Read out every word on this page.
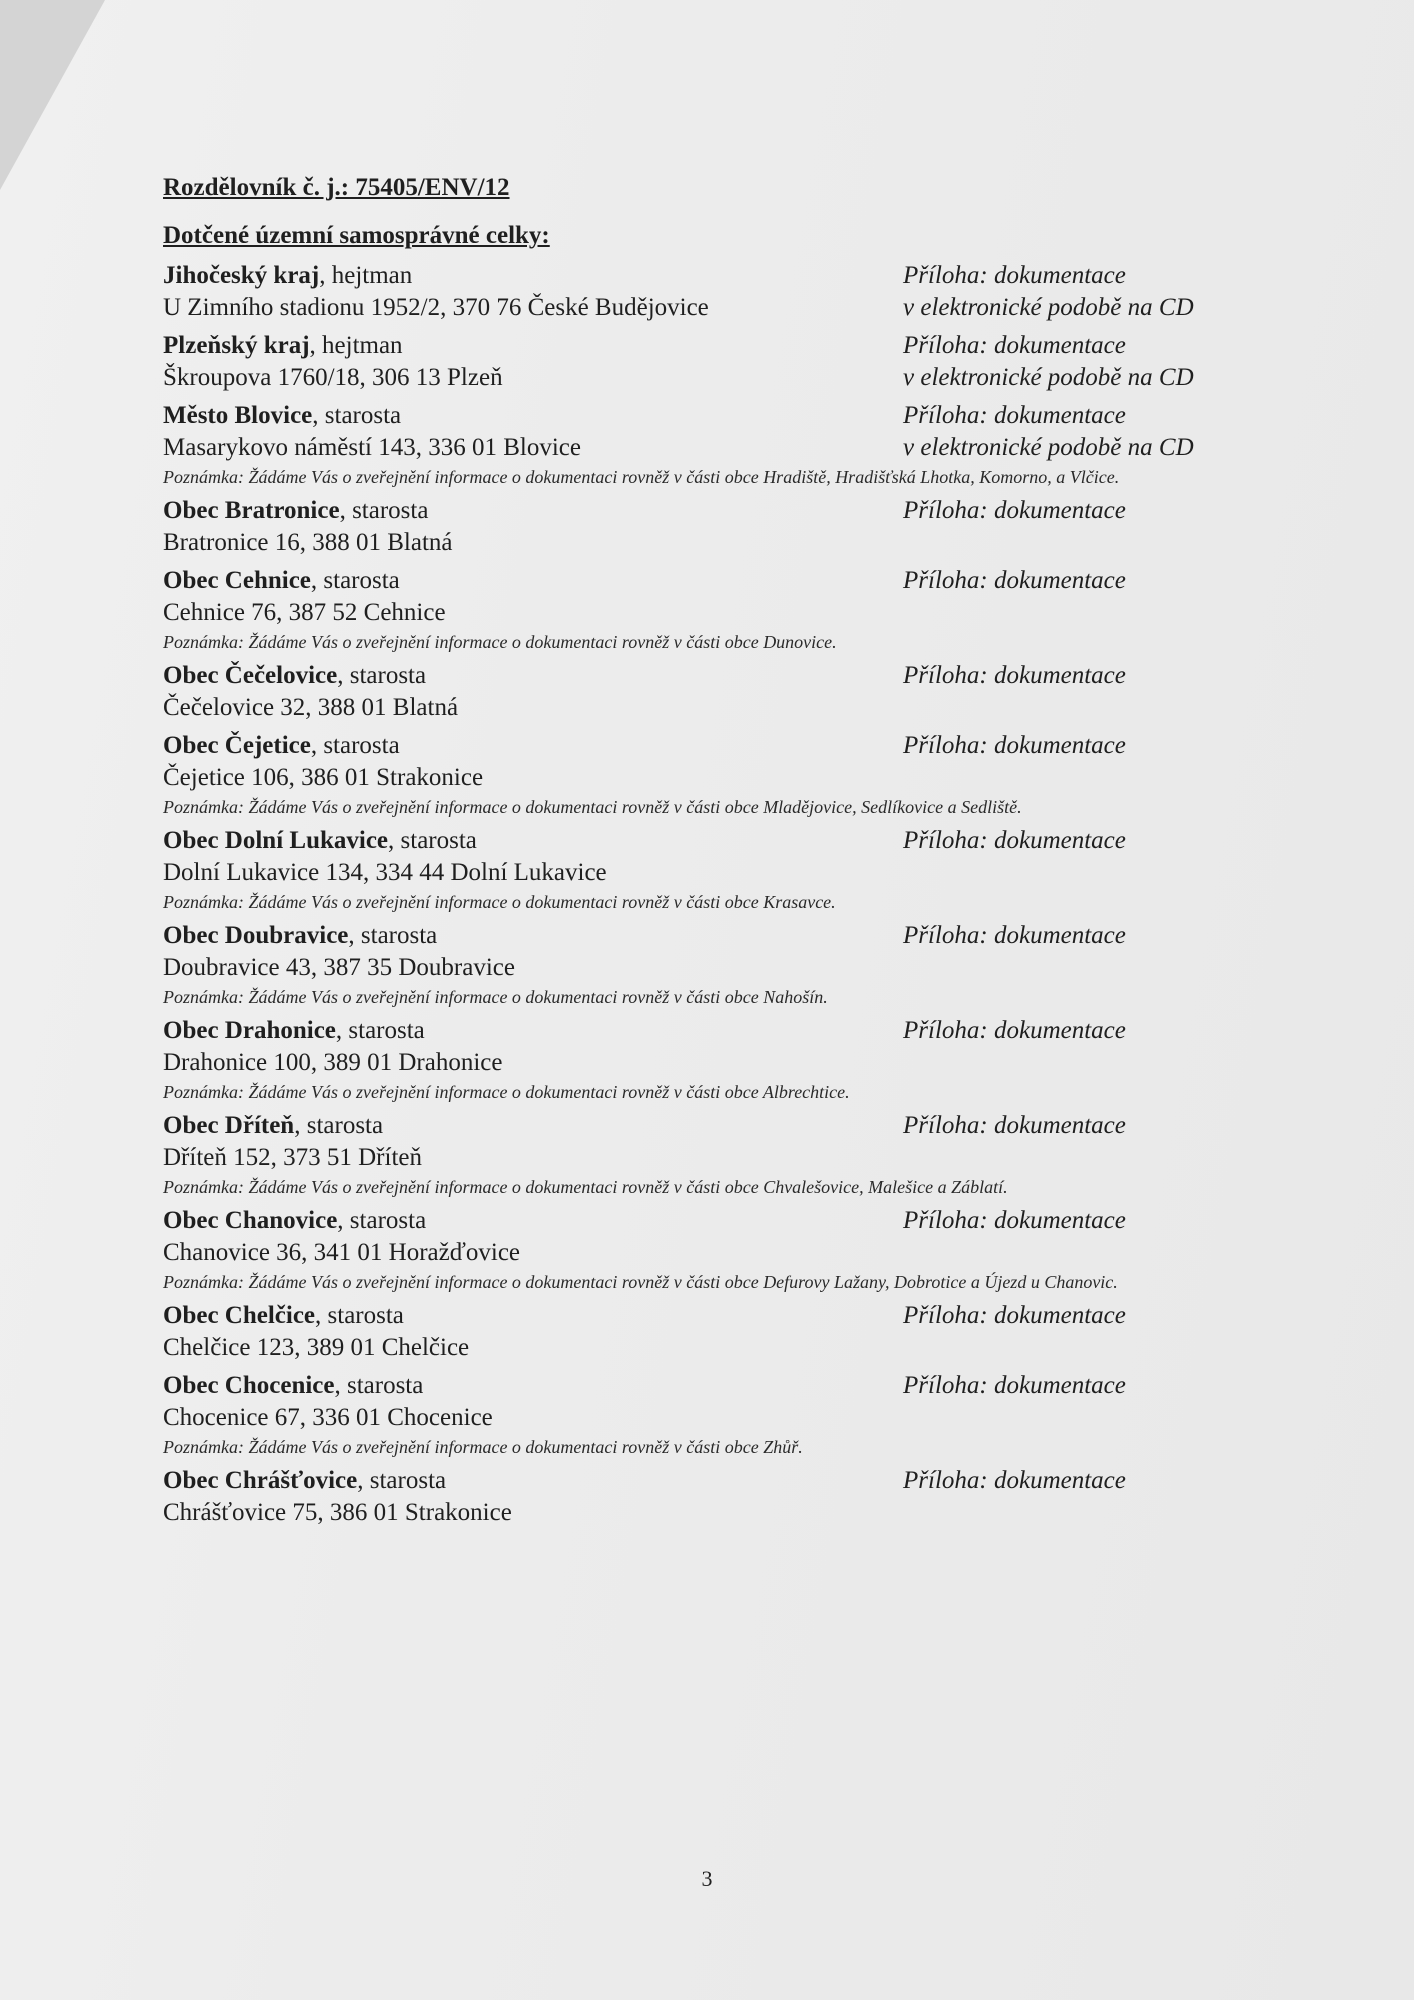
Rozdělovník č. j.: 75405/ENV/12
Dotčené územní samosprávné celky:
Jihočeský kraj, hejtman	Příloha: dokumentace
U Zimního stadionu 1952/2, 370 76 České Budějovice	v elektronické podobě na CD
Plzeňský kraj, hejtman	Příloha: dokumentace
Škroupova 1760/18, 306 13 Plzeň	v elektronické podobě na CD
Město Blovice, starosta	Příloha: dokumentace
Masarykovo náměstí 143, 336 01 Blovice	v elektronické podobě na CD
Poznámka: Žádáme Vás o zveřejnění informace o dokumentaci rovněž v části obce Hradiště, Hradišťská Lhotka, Komorno, a Vlčice.
Obec Bratronice, starosta	Příloha: dokumentace
Bratronice 16, 388 01 Blatná
Obec Cehnice, starosta	Příloha: dokumentace
Cehnice 76, 387 52 Cehnice
Poznámka: Žádáme Vás o zveřejnění informace o dokumentaci rovněž v části obce Dunovice.
Obec Čečelovice, starosta	Příloha: dokumentace
Čečelovice 32, 388 01 Blatná
Obec Čejetice, starosta	Příloha: dokumentace
Čejetice 106, 386 01 Strakonice
Poznámka: Žádáme Vás o zveřejnění informace o dokumentaci rovněž v části obce Mladějovice, Sedlíkovice a Sedliště.
Obec Dolní Lukavice, starosta	Příloha: dokumentace
Dolní Lukavice 134, 334 44 Dolní Lukavice
Poznámka: Žádáme Vás o zveřejnění informace o dokumentaci rovněž v části obce Krasavce.
Obec Doubravice, starosta	Příloha: dokumentace
Doubravice 43, 387 35 Doubravice
Poznámka: Žádáme Vás o zveřejnění informace o dokumentaci rovněž v části obce Nahošín.
Obec Drahonice, starosta	Příloha: dokumentace
Drahonice 100, 389 01 Drahonice
Poznámka: Žádáme Vás o zveřejnění informace o dokumentaci rovněž v části obce Albrechtice.
Obec Dříteň, starosta	Příloha: dokumentace
Dříteň 152, 373 51 Dříteň
Poznámka: Žádáme Vás o zveřejnění informace o dokumentaci rovněž v části obce Chvalešovice, Malešice a Záblatí.
Obec Chanovice, starosta	Příloha: dokumentace
Chanovice 36, 341 01 Horažďovice
Poznámka: Žádáme Vás o zveřejnění informace o dokumentaci rovněž v části obce Defurovy Lažany, Dobrotice a Újezd u Chanovic.
Obec Chelčice, starosta	Příloha: dokumentace
Chelčice 123, 389 01 Chelčice
Obec Chocenice, starosta	Příloha: dokumentace
Chocenice 67, 336 01 Chocenice
Poznámka: Žádáme Vás o zveřejnění informace o dokumentaci rovněž v části obce Zhůř.
Obec Chrášťovice, starosta	Příloha: dokumentace
Chrášťovice 75, 386 01 Strakonice
3
